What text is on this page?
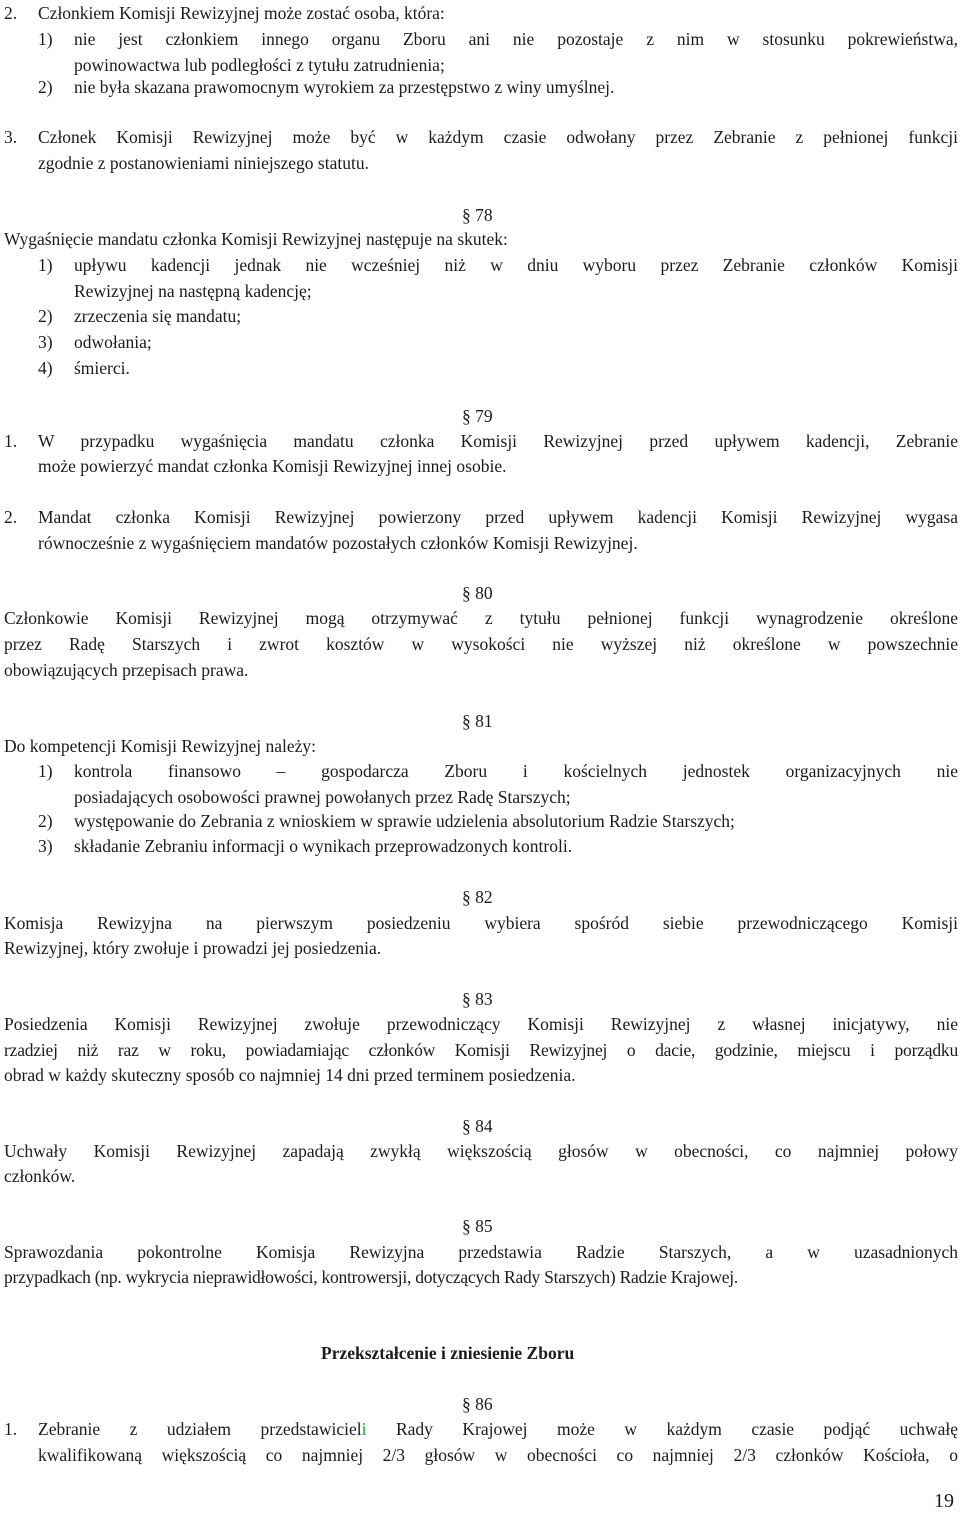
2. Członkiem Komisji Rewizyjnej może zostać osoba, która:
1) nie jest członkiem innego organu Zboru ani nie pozostaje z nim w stosunku pokrewieństwa,
powinowactwa lub podległości z tytułu zatrudnienia;
2) nie była skazana prawomocnym wyrokiem za przestępstwo z winy umyślnej.
3. Członek Komisji Rewizyjnej może być w każdym czasie odwołany przez Zebranie z pełnionej funkcji
zgodnie z postanowieniami niniejszego statutu.
§ 78
Wygaśnięcie mandatu członka Komisji Rewizyjnej następuje na skutek:
1) upływu kadencji jednak nie wcześniej niż w dniu wyboru przez Zebranie członków Komisji
Rewizyjnej na następną kadencję;
2) zrzeczenia się mandatu;
3) odwołania;
4) śmierci.
§ 79
1. W przypadku wygaśnięcia mandatu członka Komisji Rewizyjnej przed upływem kadencji, Zebranie
może powierzyć mandat członka Komisji Rewizyjnej innej osobie.
2. Mandat członka Komisji Rewizyjnej powierzony przed upływem kadencji Komisji Rewizyjnej wygasa
równocześnie z wygaśnięciem mandatów pozostałych członków Komisji Rewizyjnej.
§ 80
Członkowie Komisji Rewizyjnej mogą otrzymywać z tytułu pełnionej funkcji wynagrodzenie określone
przez Radę Starszych i zwrot kosztów w wysokości nie wyższej niż określone w powszechnie
obowiązujących przepisach prawa.
§ 81
Do kompetencji Komisji Rewizyjnej należy:
1) kontrola finansowo – gospodarcza Zboru i kościelnych jednostek organizacyjnych nie
posiadających osobowości prawnej powołanych przez Radę Starszych;
2) występowanie do Zebrania z wnioskiem w sprawie udzielenia absolutorium Radzie Starszych;
3) składanie Zebraniu informacji o wynikach przeprowadzonych kontroli.
§ 82
Komisja Rewizyjna na pierwszym posiedzeniu wybiera spośród siebie przewodniczącego Komisji
Rewizyjnej, który zwołuje i prowadzi jej posiedzenia.
§ 83
Posiedzenia Komisji Rewizyjnej zwołuje przewodniczący Komisji Rewizyjnej z własnej inicjatywy, nie
rzadziej niż raz w roku, powiadamiając członków Komisji Rewizyjnej o dacie, godzinie, miejscu i porządku
obrad w każdy skuteczny sposób co najmniej 14 dni przed terminem posiedzenia.
§ 84
Uchwały Komisji Rewizyjnej zapadają zwykłą większością głosów w obecności, co najmniej połowy
członków.
§ 85
Sprawozdania pokontrolne Komisja Rewizyjna przedstawia Radzie Starszych, a w uzasadnionych
przypadkach (np. wykrycia nieprawidłowości, kontrowersji, dotyczących Rady Starszych) Radzie Krajowej.
Przekształcenie i zniesienie Zboru
§ 86
1. Zebranie z udziałem przedstawicieli Rady Krajowej może w każdym czasie podjąć uchwałę
kwalifikowaną większością co najmniej 2/3 głosów w obecności co najmniej 2/3 członków Kościoła, o
19
